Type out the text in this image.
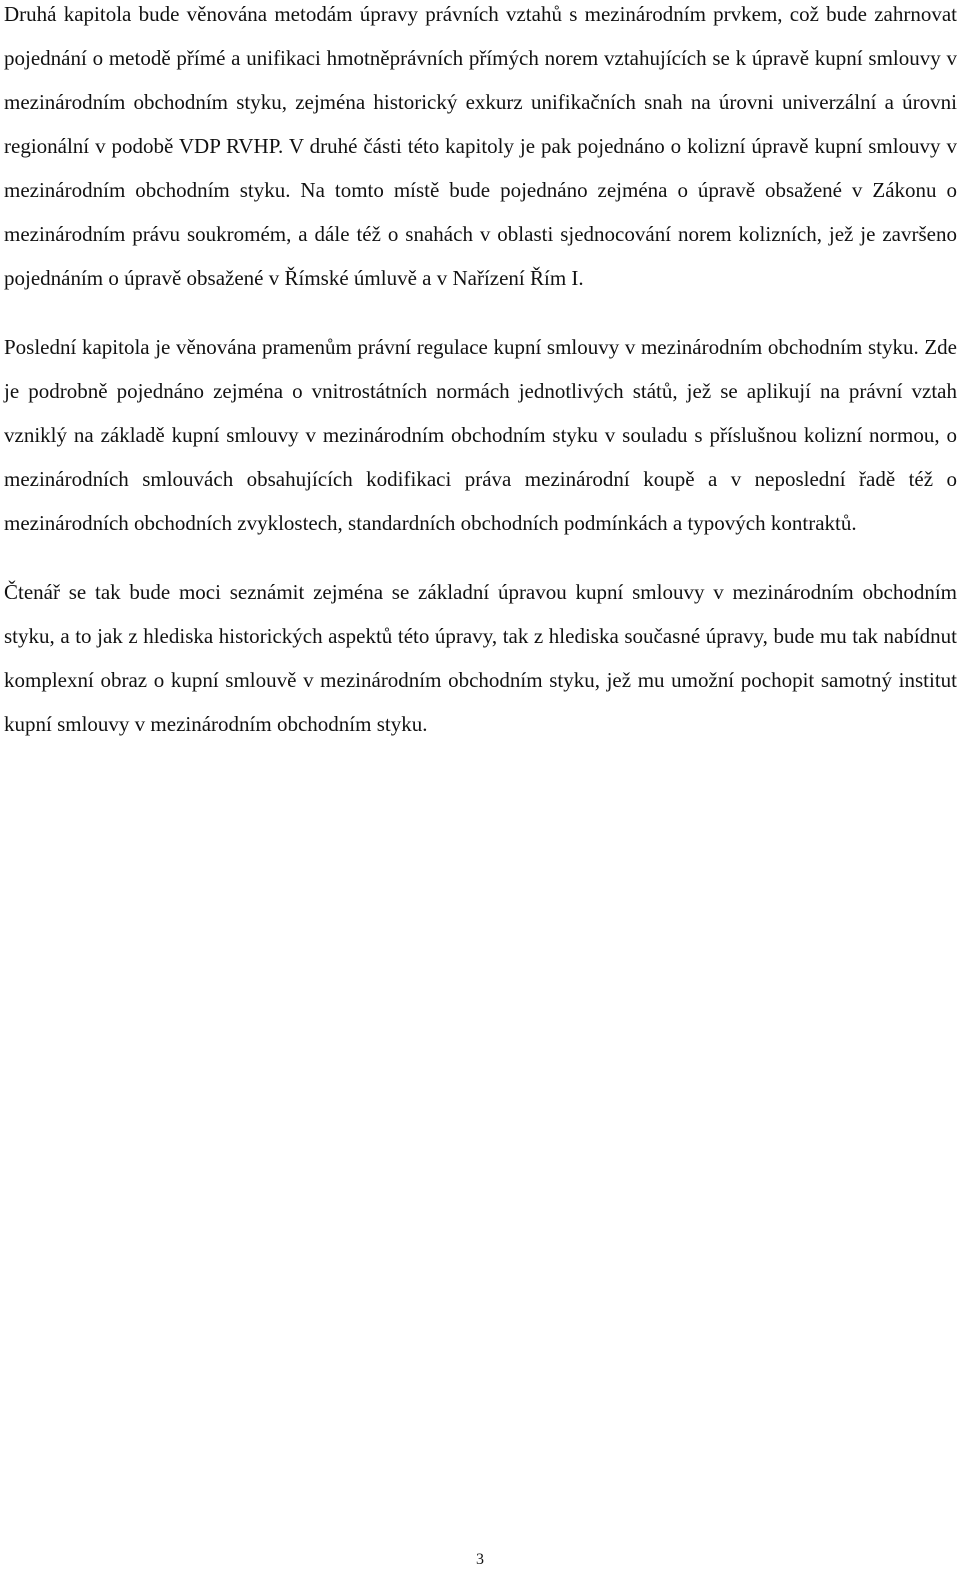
Druhá kapitola bude věnována metodám úpravy právních vztahů s mezinárodním prvkem, což bude zahrnovat pojednání o metodě přímé a unifikaci hmotněprávních přímých norem vztahujících se k úpravě kupní smlouvy v mezinárodním obchodním styku, zejména historický exkurz unifikačních snah na úrovni univerzální a úrovni regionální v podobě VDP RVHP. V druhé části této kapitoly je pak pojednáno o kolizní úpravě kupní smlouvy v mezinárodním obchodním styku. Na tomto místě bude pojednáno zejména o úpravě obsažené v Zákonu o mezinárodním právu soukromém, a dále též o snahách v oblasti sjednocování norem kolizních, jež je završeno pojednáním o úpravě obsažené v Římské úmluvě a v Nařízení Řím I.

Poslední kapitola je věnována pramenům právní regulace kupní smlouvy v mezinárodním obchodním styku. Zde je podrobně pojednáno zejména o vnitrostátních normách jednotlivých států, jež se aplikují na právní vztah vzniklý na základě kupní smlouvy v mezinárodním obchodním styku v souladu s příslušnou kolizní normou, o mezinárodních smlouvách obsahujících kodifikaci práva mezinárodní koupě a v neposlední řadě též o mezinárodních obchodních zvyklostech, standardních obchodních podmínkách a typových kontraktů.

Čtenář se tak bude moci seznámit zejména se základní úpravou kupní smlouvy v mezinárodním obchodním styku, a to jak z hlediska historických aspektů této úpravy, tak z hlediska současné úpravy, bude mu tak nabídnut komplexní obraz o kupní smlouvě v mezinárodním obchodním styku, jež mu umožní pochopit samotný institut kupní smlouvy v mezinárodním obchodním styku.

3
